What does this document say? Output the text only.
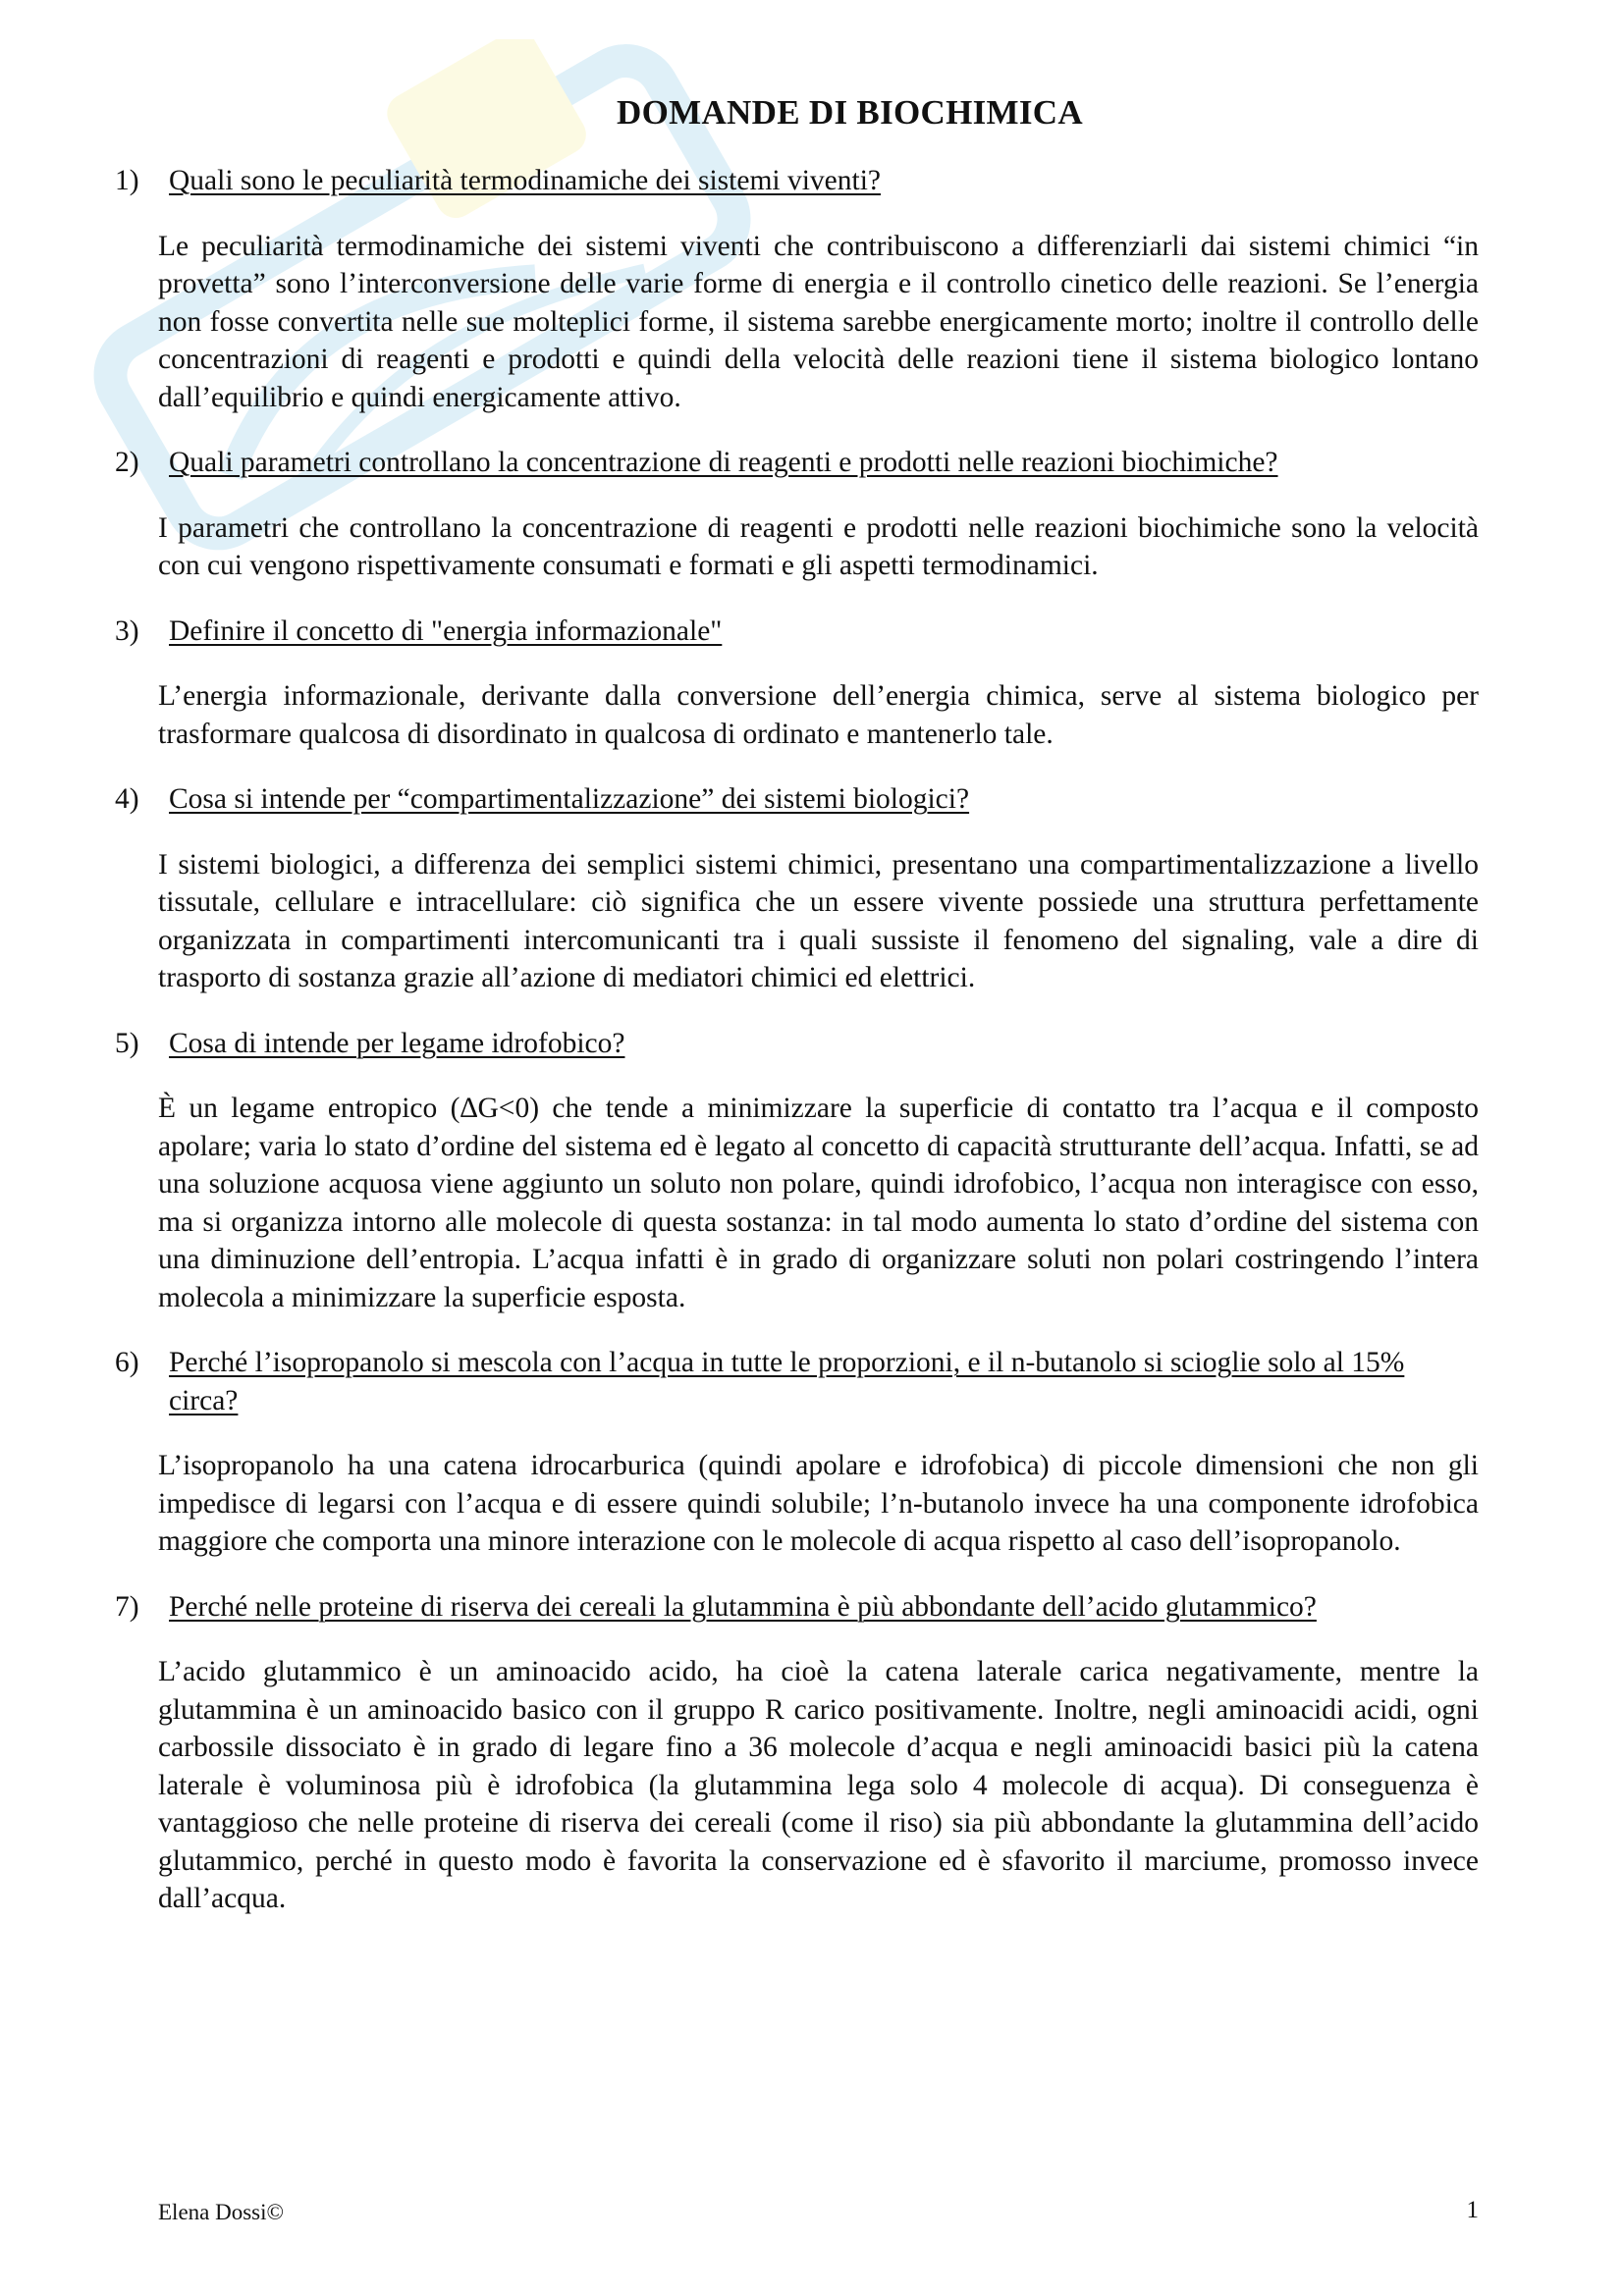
DOMANDE DI BIOCHIMICA

1)	Quali sono le peculiarità termodinamiche dei sistemi viventi?

Le peculiarità termodinamiche dei sistemi viventi che contribuiscono a differenziarli dai sistemi chimici “in provetta” sono l’interconversione delle varie forme di energia e il controllo cinetico delle reazioni. Se l’energia non fosse convertita nelle sue molteplici forme, il sistema sarebbe energicamente morto; inoltre il controllo delle concentrazioni di reagenti e prodotti e quindi della velocità delle reazioni tiene il sistema biologico lontano dall’equilibrio e quindi energicamente attivo.

2)	Quali parametri controllano la concentrazione di reagenti e prodotti nelle reazioni biochimiche?

I parametri che controllano la concentrazione di reagenti e prodotti nelle reazioni biochimiche sono la velocità con cui vengono rispettivamente consumati e formati e gli aspetti termodinamici.

3)	Definire il concetto di "energia informazionale"

L’energia informazionale, derivante dalla conversione dell’energia chimica, serve al sistema biologico per trasformare qualcosa di disordinato in qualcosa di ordinato e mantenerlo tale.

4)	Cosa si intende per “compartimentalizzazione” dei sistemi biologici?

I sistemi biologici, a differenza dei semplici sistemi chimici, presentano una compartimentalizzazione a livello tissutale, cellulare e intracellulare: ciò significa che un essere vivente possiede una struttura perfettamente organizzata in compartimenti intercomunicanti tra i quali sussiste il fenomeno del signaling, vale a dire di trasporto di sostanza grazie all’azione di mediatori chimici ed elettrici.

5)	Cosa di intende per legame idrofobico?

È un legame entropico (∆G<0) che tende a minimizzare la superficie di contatto tra l’acqua e il composto apolare; varia lo stato d’ordine del sistema ed è legato al concetto di capacità strutturante dell’acqua. Infatti, se ad una soluzione acquosa viene aggiunto un soluto non polare, quindi idrofobico, l’acqua non interagisce con esso, ma si organizza intorno alle molecole di questa sostanza: in tal modo aumenta lo stato d’ordine del sistema con una diminuzione dell’entropia. L’acqua infatti è in grado di organizzare soluti non polari costringendo l’intera molecola a minimizzare la superficie esposta.

6)	Perché l’isopropanolo si mescola con l’acqua in tutte le proporzioni, e il n-butanolo si scioglie solo al 15% circa?

L’isopropanolo ha una catena idrocarburica (quindi apolare e idrofobica) di piccole dimensioni che non gli impedisce di legarsi con l’acqua e di essere quindi solubile; l’n-butanolo invece ha una componente idrofobica maggiore che comporta una minore interazione con le molecole di acqua rispetto al caso dell’isopropanolo.

7)	Perché nelle proteine di riserva dei cereali la glutammina è più abbondante dell’acido glutammico?

L’acido glutammico è un aminoacido acido, ha cioè la catena laterale carica negativamente, mentre la glutammina è un aminoacido basico con il gruppo R carico positivamente. Inoltre, negli aminoacidi acidi, ogni carbossile dissociato è in grado di legare fino a 36 molecole d’acqua e negli aminoacidi basici più la catena laterale è voluminosa più è idrofobica (la glutammina lega solo 4 molecole di acqua). Di conseguenza è vantaggioso che nelle proteine di riserva dei cereali (come il riso) sia più abbondante la glutammina dell’acido glutammico, perché in questo modo è favorita la conservazione ed è sfavorito il marciume, promosso invece dall’acqua.

Elena Dossi©	1
